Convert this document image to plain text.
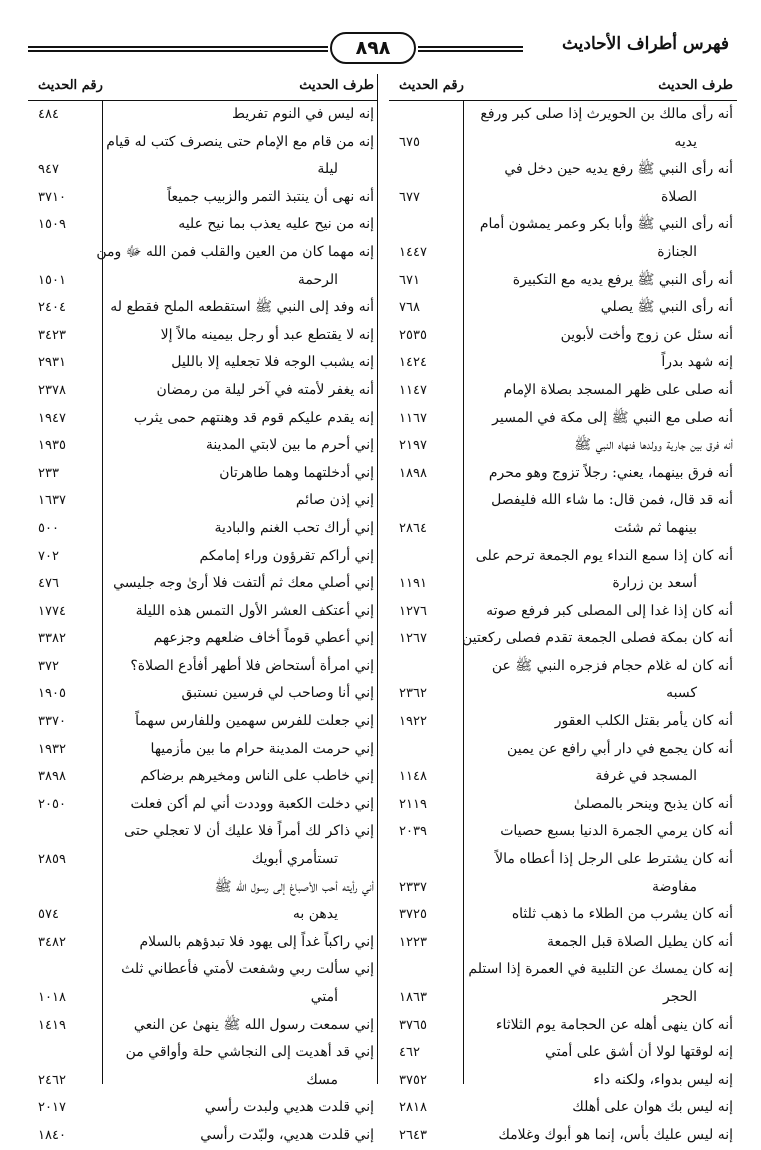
فهرس أطراف الأحاديث
٨٩٨
طرف الحديث
رقم الحديث
أنه رأى مالك بن الحويرث إذا صلى كبر ورفع
يديه
٦٧٥
أنه رأى النبي ﷺ رفع يديه حين دخل في
الصلاة
٦٧٧
أنه رأى النبي ﷺ وأبا بكر وعمر يمشون أمام
الجنازة
١٤٤٧
أنه رأى النبي ﷺ يرفع يديه مع التكبيرة
٦٧١
أنه رأى النبي ﷺ يصلي
٧٦٨
أنه سئل عن زوج وأخت لأبوين
٢٥٣٥
إنه شهد بدراً
١٤٢٤
أنه صلى على ظهر المسجد بصلاة الإمام
١١٤٧
أنه صلى مع النبي ﷺ إلى مكة في المسير
١١٦٧
أنه فرق بين جارية وولدها فنهاه النبي ﷺ
٢١٩٧
أنه فرق بينهما، يعني: رجلاً تزوج وهو محرم
١٨٩٨
أنه قد قال، فمن قال: ما شاء الله فليفصل
بينهما ثم شئت
٢٨٦٤
أنه كان إذا سمع النداء يوم الجمعة ترحم على
أسعد بن زرارة
١١٩١
أنه كان إذا غدا إلى المصلى كبر فرفع صوته
١٢٧٦
أنه كان بمكة فصلى الجمعة تقدم فصلى ركعتين
١٢٦٧
أنه كان له غلام حجام فزجره النبي ﷺ عن
كسبه
٢٣٦٢
أنه كان يأمر بقتل الكلب العقور
١٩٢٢
أنه كان يجمع في دار أبي رافع عن يمين
المسجد في غرفة
١١٤٨
أنه كان يذبح وينحر بالمصلىٰ
٢١١٩
أنه كان يرمي الجمرة الدنيا بسبع حصيات
٢٠٣٩
أنه كان يشترط على الرجل إذا أعطاه مالاً
مفاوضة
٢٣٣٧
أنه كان يشرب من الطلاء ما ذهب ثلثاه
٣٧٢٥
أنه كان يطيل الصلاة قبل الجمعة
١٢٢٣
إنه كان يمسك عن التلبية في العمرة إذا استلم
الحجر
١٨٦٣
أنه كان ينهى أهله عن الحجامة يوم الثلاثاء
٣٧٦٥
إنه لوقتها لولا أن أشق على أمتي
٤٦٢
إنه ليس بدواء، ولكنه داء
٣٧٥٢
إنه ليس بك هوان على أهلك
٢٨١٨
إنه ليس عليك بأس، إنما هو أبوك وغلامك
٢٦٤٣
طرف الحديث
رقم الحديث
إنه ليس في النوم تفريط
٤٨٤
إنه من قام مع الإمام حتى ينصرف كتب له قيام
ليلة
٩٤٧
أنه نهى أن ينتبذ التمر والزبيب جميعاً
٣٧١٠
إنه من نيح عليه يعذب بما نيح عليه
١٥٠٩
إنه مهما كان من العين والقلب فمن الله ﷻ ومن
الرحمة
١٥٠١
أنه وفد إلى النبي ﷺ استقطعه الملح فقطع له
٢٤٠٤
إنه لا يقتطع عبد أو رجل بيمينه مالاً إلا
٣٤٢٣
إنه يشبب الوجه فلا تجعليه إلا بالليل
٢٩٣١
أنه يغفر لأمته في آخر ليلة من رمضان
٢٣٧٨
إنه يقدم عليكم قوم قد وهنتهم حمى يثرب
١٩٤٧
إني أحرم ما بين لابتي المدينة
١٩٣٥
إني أدخلتهما وهما طاهرتان
٢٣٣
إني إذن صائم
١٦٣٧
إني أراك تحب الغنم والبادية
٥٠٠
إني أراكم تقرؤون وراء إمامكم
٧٠٢
إني أصلي معك ثم ألتفت فلا أرىٰ وجه جليسي
٤٧٦
إني أعتكف العشر الأول التمس هذه الليلة
١٧٧٤
إني أعطي قوماً أخاف ضلعهم وجزعهم
٣٣٨٢
إني امرأة أستحاض فلا أطهر أفأدع الصلاة؟
٣٧٢
إني أنا وصاحب لي فرسين نستبق
١٩٠٥
إني جعلت للفرس سهمين وللفارس سهماً
٣٣٧٠
إني حرمت المدينة حرام ما بين مأزميها
١٩٣٢
إني خاطب على الناس ومخيرهم برضاكم
٣٨٩٨
إني دخلت الكعبة ووددت أني لم أكن فعلت
٢٠٥٠
إني ذاكر لك أمراً فلا عليك أن لا تعجلي حتى
تستأمري أبويك
٢٨٥٩
أني رأيته أحب الأصباغ إلى رسول الله ﷺ
يدهن به
٥٧٤
إني راكباً غداً إلى يهود فلا تبدؤهم بالسلام
٣٤٨٢
إني سألت ربي وشفعت لأمتي فأعطاني ثلث
أمتي
١٠١٨
إني سمعت رسول الله ﷺ ينهىٰ عن النعي
١٤١٩
إني قد أهديت إلى النجاشي حلة وأواقي من
مسك
٢٤٦٢
إني قلدت هديي ولبدت رأسي
٢٠١٧
إني قلدت هديي، ولبّدت رأسي
١٨٤٠
